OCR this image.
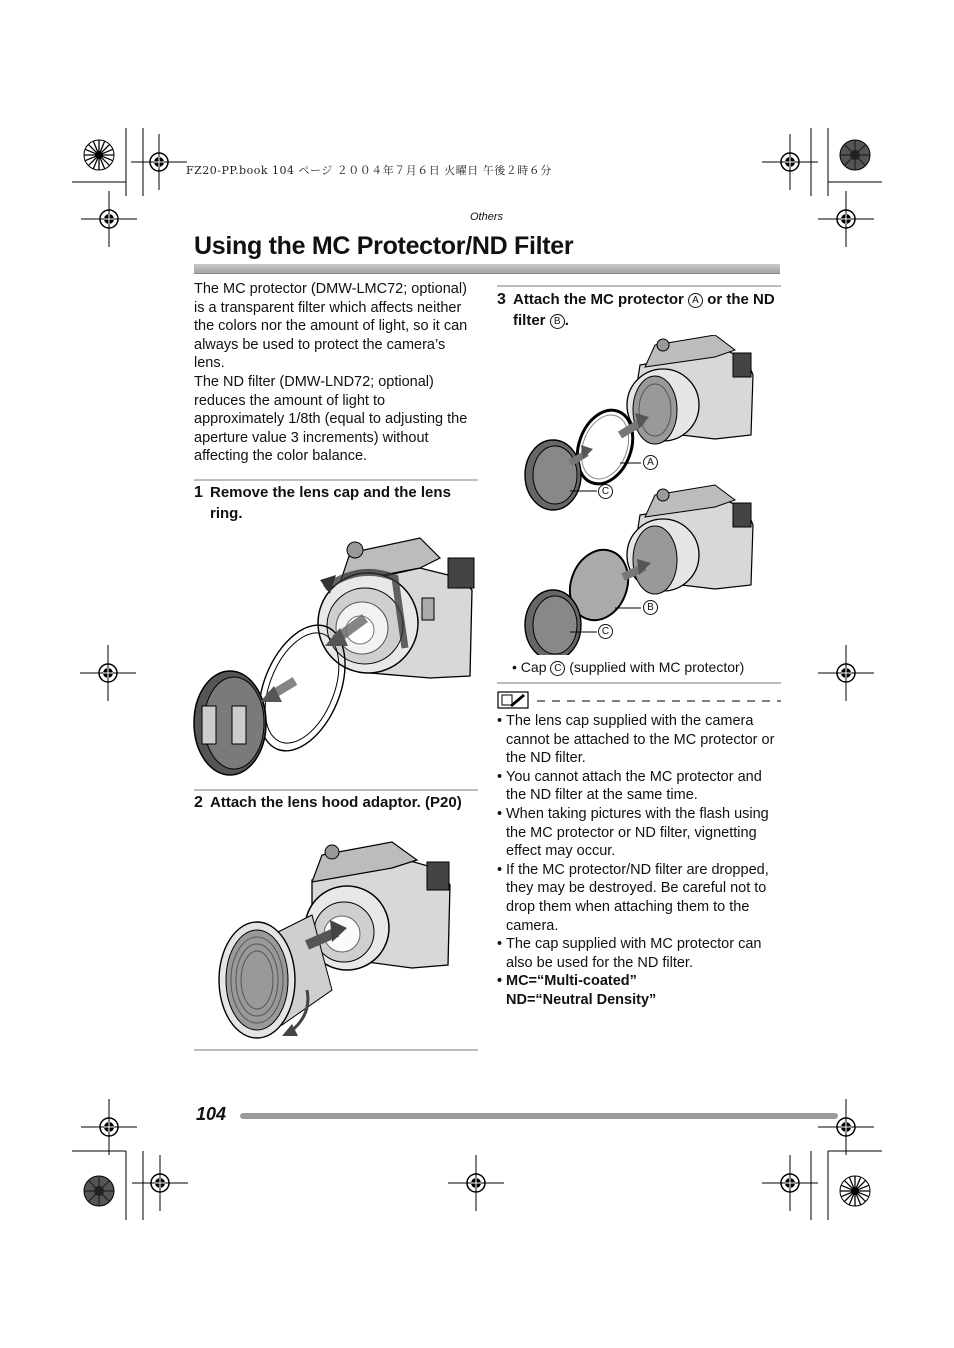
FZ20-PP.book 104 ページ ２００４年７月６日 火曜日 午後２時６分
Others
Using the MC Protector/ND Filter
The MC protector (DMW-LMC72; optional) is a transparent filter which affects neither the colors nor the amount of light, so it can always be used to protect the camera’s lens.
The ND filter (DMW-LND72; optional) reduces the amount of light to approximately 1/8th (equal to adjusting the aperture value 3 increments) without affecting the color balance.
1 Remove the lens cap and the lens ring.
2 Attach the lens hood adaptor. (P20)
3 Attach the MC protector A or the ND filter B .
A
C
B
C
• Cap C (supplied with MC protector)
• The lens cap supplied with the camera cannot be attached to the MC protector or the ND filter.
• You cannot attach the MC protector and the ND filter at the same time.
• When taking pictures with the flash using the MC protector or ND filter, vignetting effect may occur.
• If the MC protector/ND filter are dropped, they may be destroyed. Be careful not to drop them when attaching them to the camera.
• The cap supplied with MC protector can also be used for the ND filter.
• MC=“Multi-coated”
ND=“Neutral Density”
104
